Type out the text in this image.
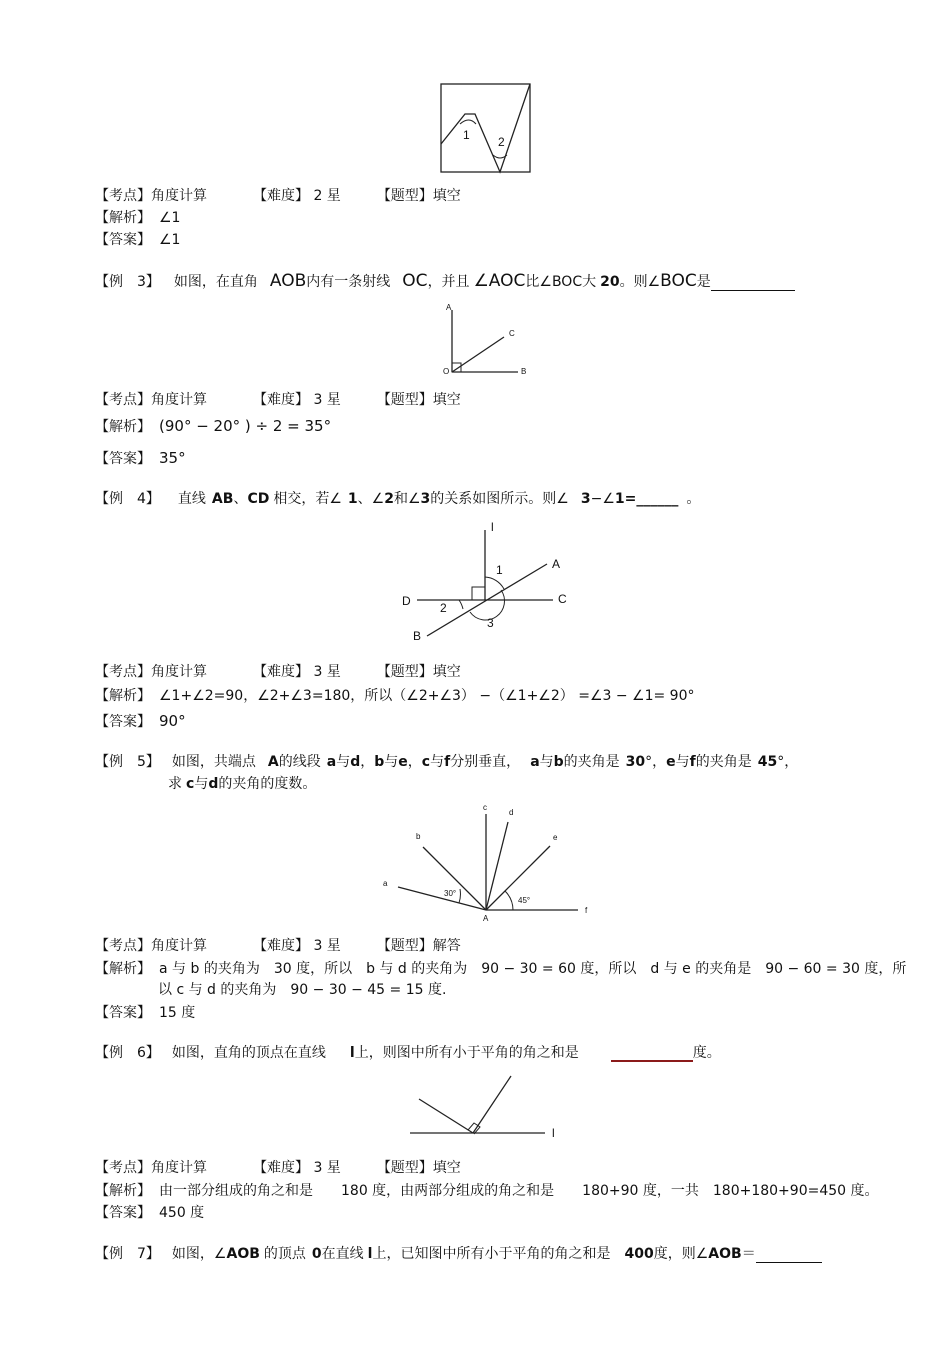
1 2
【考点】角度计算	【难度】 2 星	【题型】填空
【解析】 ∠1
【答案】 ∠1
【例　3】 如图，在直角 AOB内有一条射线 OC，并且 ∠AOC比∠BOC大 20。则∠BOC是
A
O	B
C
【考点】角度计算	【难度】 3 星	【题型】填空
【解析】 (90° − 20° ) ÷ 2 = 35°
【答案】 35°
【例　4】 直线 AB、CD 相交，若∠ 1、∠2和∠3的关系如图所示。则∠ 3−∠1=______ 。
l
A
D	C
B
1
2
3
【考点】角度计算	【难度】 3 星	【题型】填空
【解析】 ∠1+∠2=90，∠2+∠3=180，所以（∠2+∠3） −（∠1+∠2） =∠3 − ∠1= 90°
【答案】 90°
【例　5】 如图，共端点 A的线段 a与d，b与e，c与f分别垂直， a与b的夹角是 30°，e与f的夹角是 45°，
求 c与d的夹角的度数。
a
b
c
d
e
f
A
30°
45°
【考点】角度计算	【难度】 3 星	【题型】解答
【解析】 a 与 b 的夹角为　30 度，所以　b 与 d 的夹角为　90 − 30 = 60 度，所以　d 与 e 的夹角是　90 − 60 = 30 度，所
以 c 与 d 的夹角为　90 − 30 − 45 = 15 度.
【答案】 15 度
【例　6】 如图，直角的顶点在直线 l上，则图中所有小于平角的角之和是	度。
l
【考点】角度计算	【难度】 3 星	【题型】填空
【解析】 由一部分组成的角之和是　　180 度，由两部分组成的角之和是　　180+90 度，一共　180+180+90=450 度。
【答案】 450 度
【例　7】 如图，∠AOB 的顶点 0在直线 l上，已知图中所有小于平角的角之和是 400度，则∠AOB＝
